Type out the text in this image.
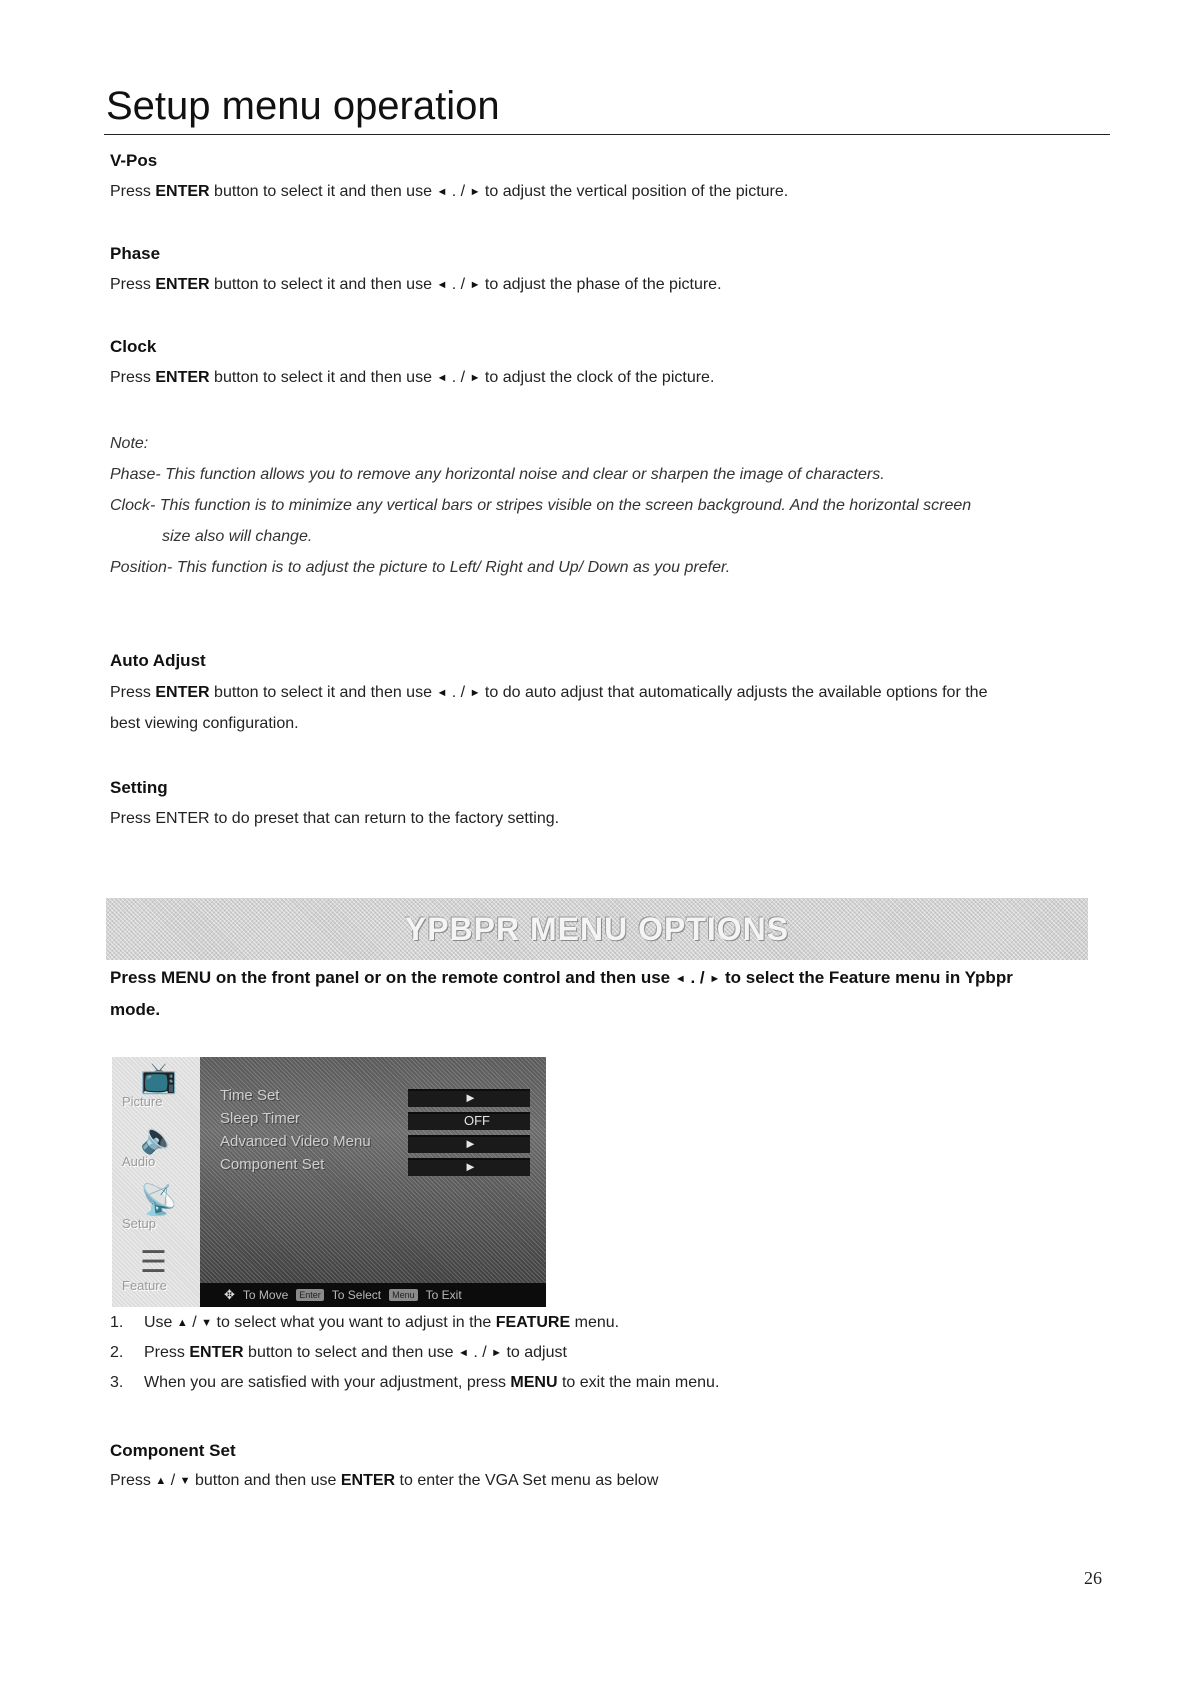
Setup menu operation
V-Pos
Press ENTER button to select it and then use ◄ . / ► to adjust the vertical position of the picture.
Phase
Press ENTER button to select it and then use ◄ . / ► to adjust the phase of the picture.
Clock
Press ENTER button to select it and then use ◄ . / ► to adjust the clock of the picture.
Note:
Phase- This function allows you to remove any horizontal noise and clear or sharpen the image of characters.
Clock- This function is to minimize any vertical bars or stripes visible on the screen background. And the horizontal screen
size also will change.
Position- This function is to adjust the picture to Left/ Right and Up/ Down as you prefer.
Auto Adjust
Press ENTER button to select it and then use ◄ . / ► to do auto adjust that automatically adjusts the available options for the
best viewing configuration.
Setting
Press ENTER to do preset that can return to the factory setting.
YPBPR MENU OPTIONS
Press MENU on the front panel or on the remote control and then use ◄ . / ► to select the Feature menu in Ypbpr
mode.
📺
Picture
🔈
Audio
📡
Setup
☰
Feature
Time Set
Sleep Timer
Advanced Video Menu
Component Set
►
OFF
►
►
✥ To Move	Enter To Select	Menu To Exit
1. Use ▲ / ▼ to select what you want to adjust in the FEATURE menu.
2. Press ENTER button to select and then use ◄ . / ► to adjust
3. When you are satisfied with your adjustment, press MENU to exit the main menu.
Component Set
Press ▲ / ▼ button and then use ENTER to enter the VGA Set menu as below
26
